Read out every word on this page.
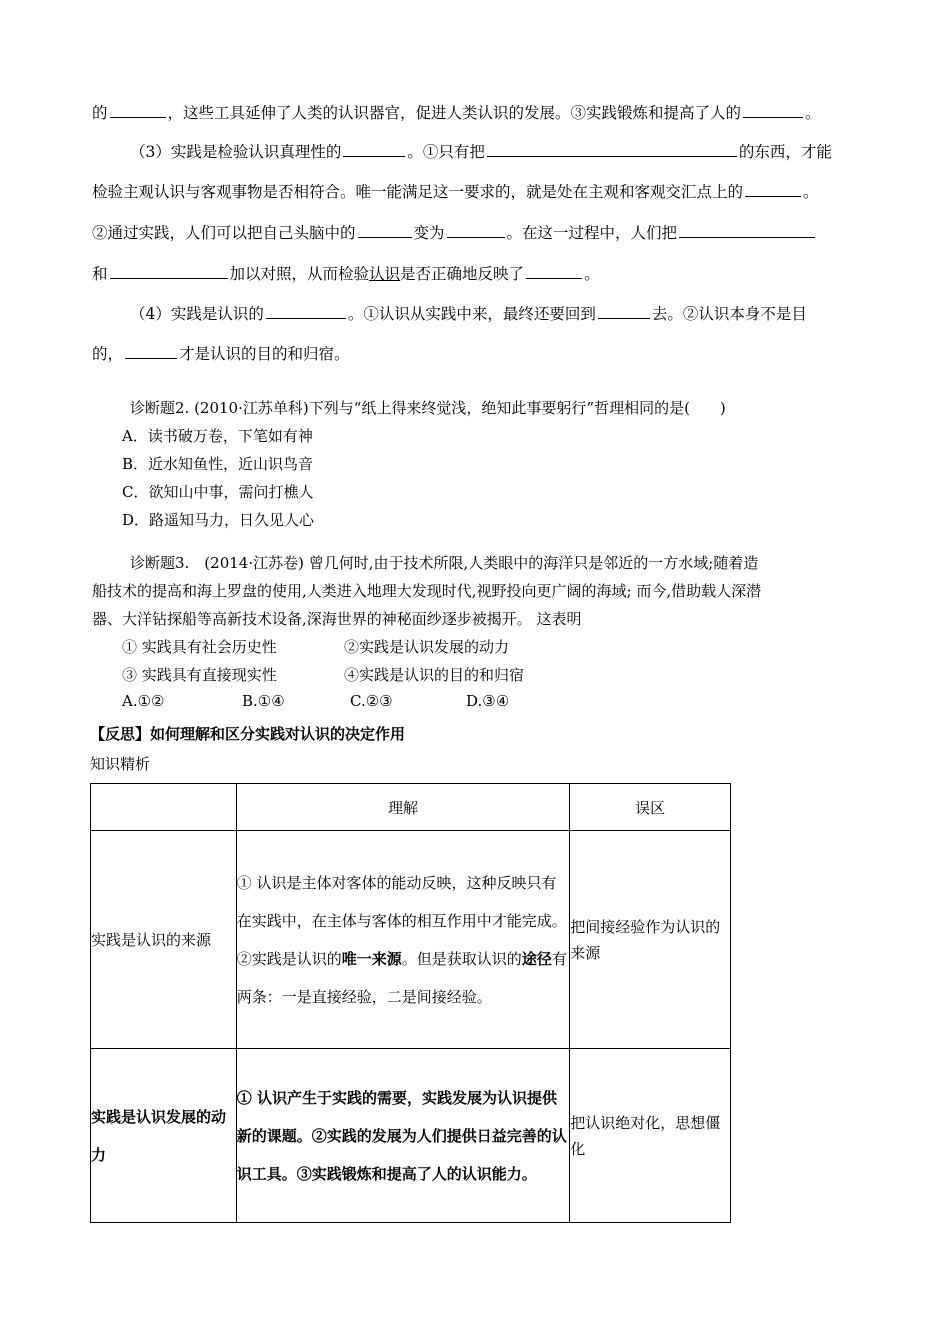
的	，这些工具延伸了人类的认识器官，促进人类认识的发展。③实践锻炼和提高了人的	。
（3）实践是检验认识真理性的	。①只有把	的东西，才能
检验主观认识与客观事物是否相符合。唯一能满足这一要求的，就是处在主观和客观交汇点上的	。
②通过实践，人们可以把自己头脑中的	变为	。在这一过程中，人们把
和	加以对照，从而检验认识是否正确地反映了	。
（4）实践是认识的	。①认识从实践中来，最终还要回到	去。②认识本身不是目
的，	才是认识的目的和归宿。
诊断题2. (2010·江苏单科)下列与“纸上得来终觉浅，绝知此事要躬行”哲理相同的是(　　)
A．读书破万卷，下笔如有神
B．近水知鱼性，近山识鸟音
C．欲知山中事，需问打樵人
D．路遥知马力，日久见人心
诊断题3.　(2014·江苏卷) 曾几何时,由于技术所限,人类眼中的海洋只是邻近的一方水域;随着造
船技术的提高和海上罗盘的使用,人类进入地理大发现时代,视野投向更广阔的海域; 而今,借助载人深潜
器、大洋钻探船等高新技术设备,深海世界的神秘面纱逐步被揭开。 这表明
① 实践具有社会历史性	②实践是认识发展的动力
③ 实践具有直接现实性	④实践是认识的目的和归宿
A.①②	B.①④	C.②③	D.③④
【反思】如何理解和区分实践对认识的决定作用
知识精析
	理解	误区
实践是认识的来源	① 认识是主体对客体的能动反映，这种反映只有在实践中，在主体与客体的相互作用中才能完成。②实践是认识的唯一来源。但是获取认识的途径有两条：一是直接经验，二是间接经验。	把间接经验作为认识的来源
实践是认识发展的动力	① 认识产生于实践的需要，实践发展为认识提供新的课题。②实践的发展为人们提供日益完善的认识工具。③实践锻炼和提高了人的认识能力。	把认识绝对化，思想僵化
